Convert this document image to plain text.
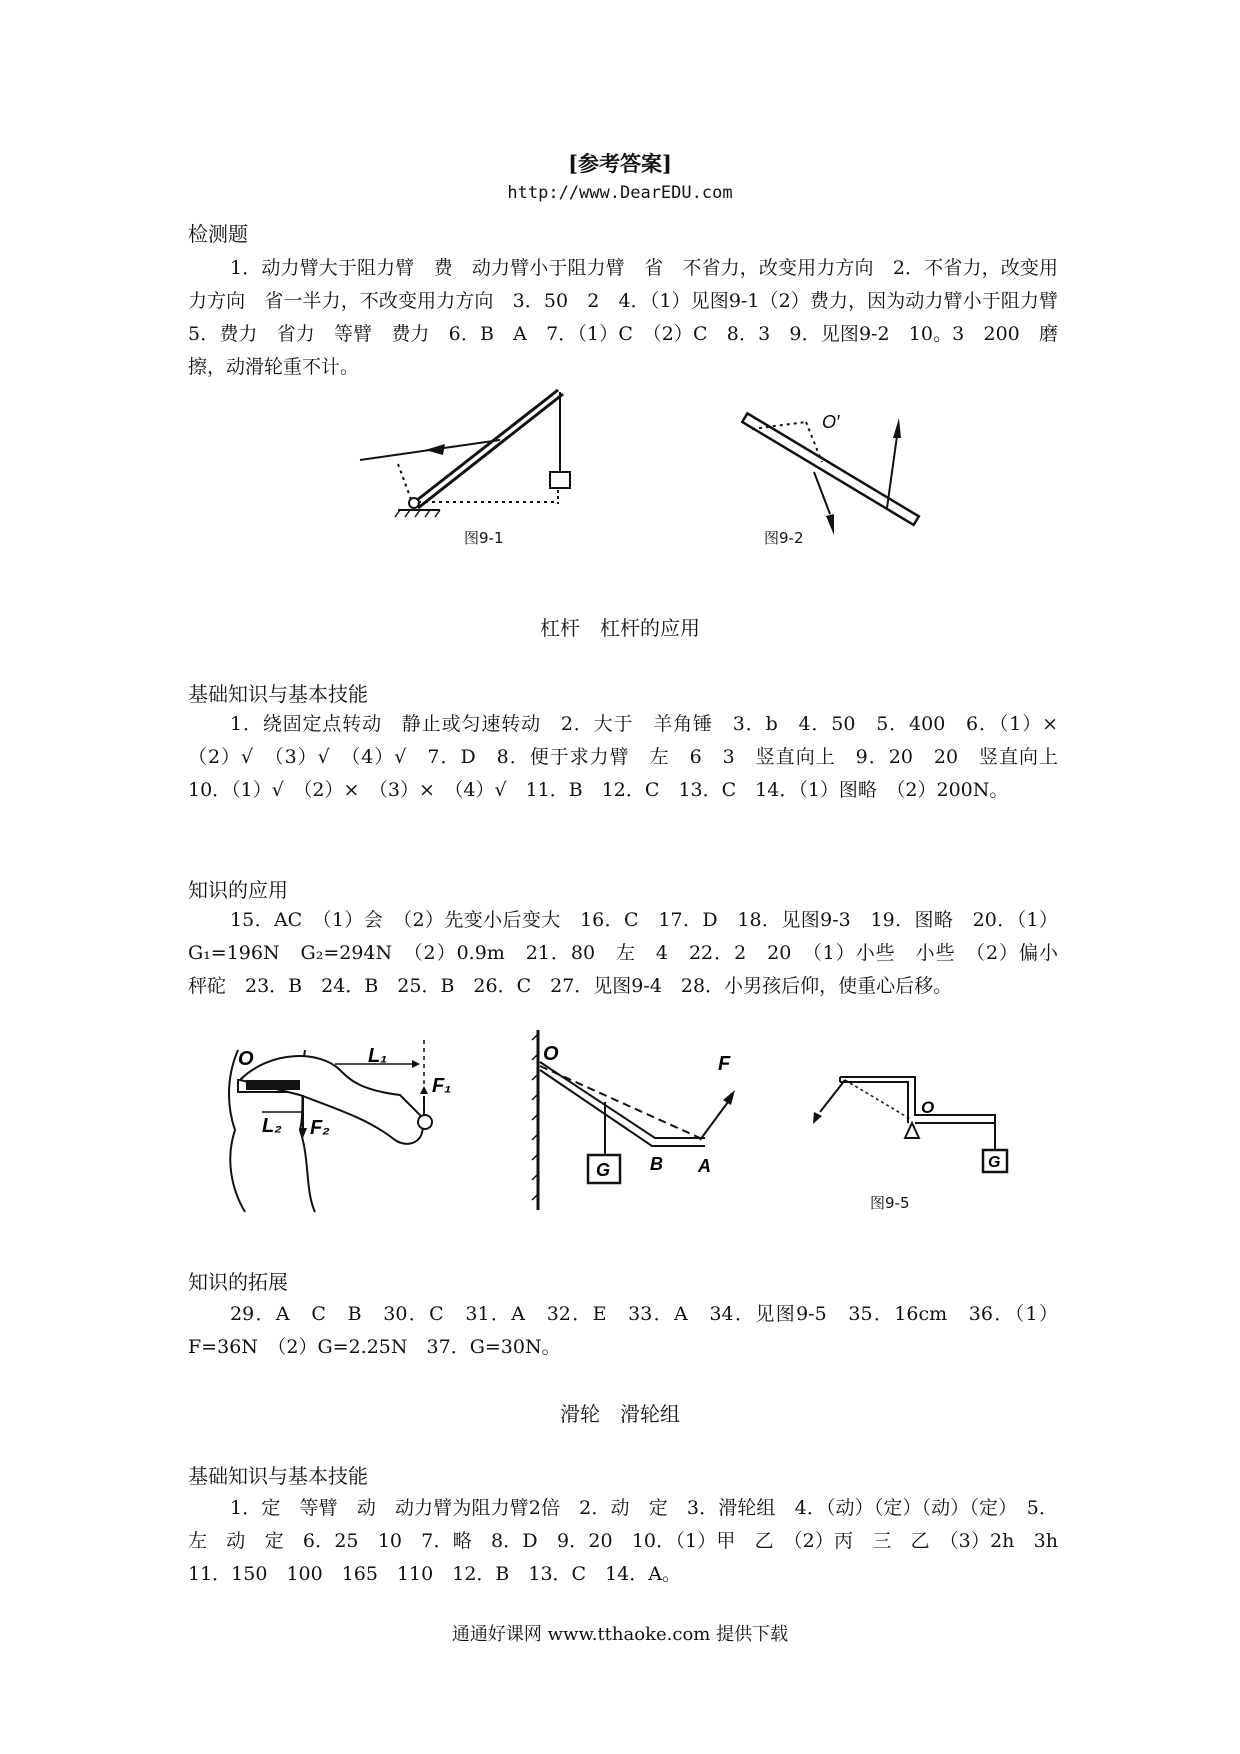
[参考答案]
http://www.DearEDU.com
检测题

1．动力臂大于阻力臂　费　动力臂小于阻力臂　省　不省力，改变用力方向　2．不省力，改变用力方向　省一半力，不改变用力方向　3．50　2　4．（1）见图9-1（2）费力，因为动力臂小于阻力臂　5．费力　省力　等臂　费力　6．B　A　7．（1）C　（2）C　8．3　9．见图9-2　10。3　200　磨擦，动滑轮重不计。

O′
图9-1	图9-2
杠杆　杠杆的应用
基础知识与基本技能

1．绕固定点转动　静止或匀速转动　2．大于　羊角锤　3．b　4．50　5．400　6．（1）×　（2）√　（3）√　（4）√　7．D　8．便于求力臂　左　6　3　竖直向上　9．20　20　竖直向上　10．（1）√　（2）×　（3）×　（4）√　11．B　12．C　13．C　14．（1）图略　（2）200N。

知识的应用

15．AC　（1）会　（2）先变小后变大　16．C　17．D　18．见图9-3　19．图略　20．（1）G₁=196N　G₂=294N　（2）0.9m　21．80　左　4　22．2　20　（1）小些　小些　（2）偏小　秤砣　23．B　24．B　25．B　26．C　27．见图9-4　28．小男孩后仰，使重心后移。

O	L₁
F₁
L₂ F₂
G
O	F
B A	G
O
图9-5
知识的拓展

29．A　C　B　30．C　31．A　32．E　33．A　34．见图9-5　35．16cm　36．（1）F=36N　（2）G=2.25N　37．G=30N。

滑轮　滑轮组
基础知识与基本技能

1．定　等臂　动　动力臂为阻力臂2倍　2．动　定　3．滑轮组　4．（动）（定）（动）（定）　5．左　动　定　6．25　10　7．略　8．D　9．20　10．（1）甲　乙　（2）丙　三　乙　（3）2h　3h　11．150　100　165　110　12．B　13．C　14．A。

通通好课网 www.tthaoke.com 提供下载
